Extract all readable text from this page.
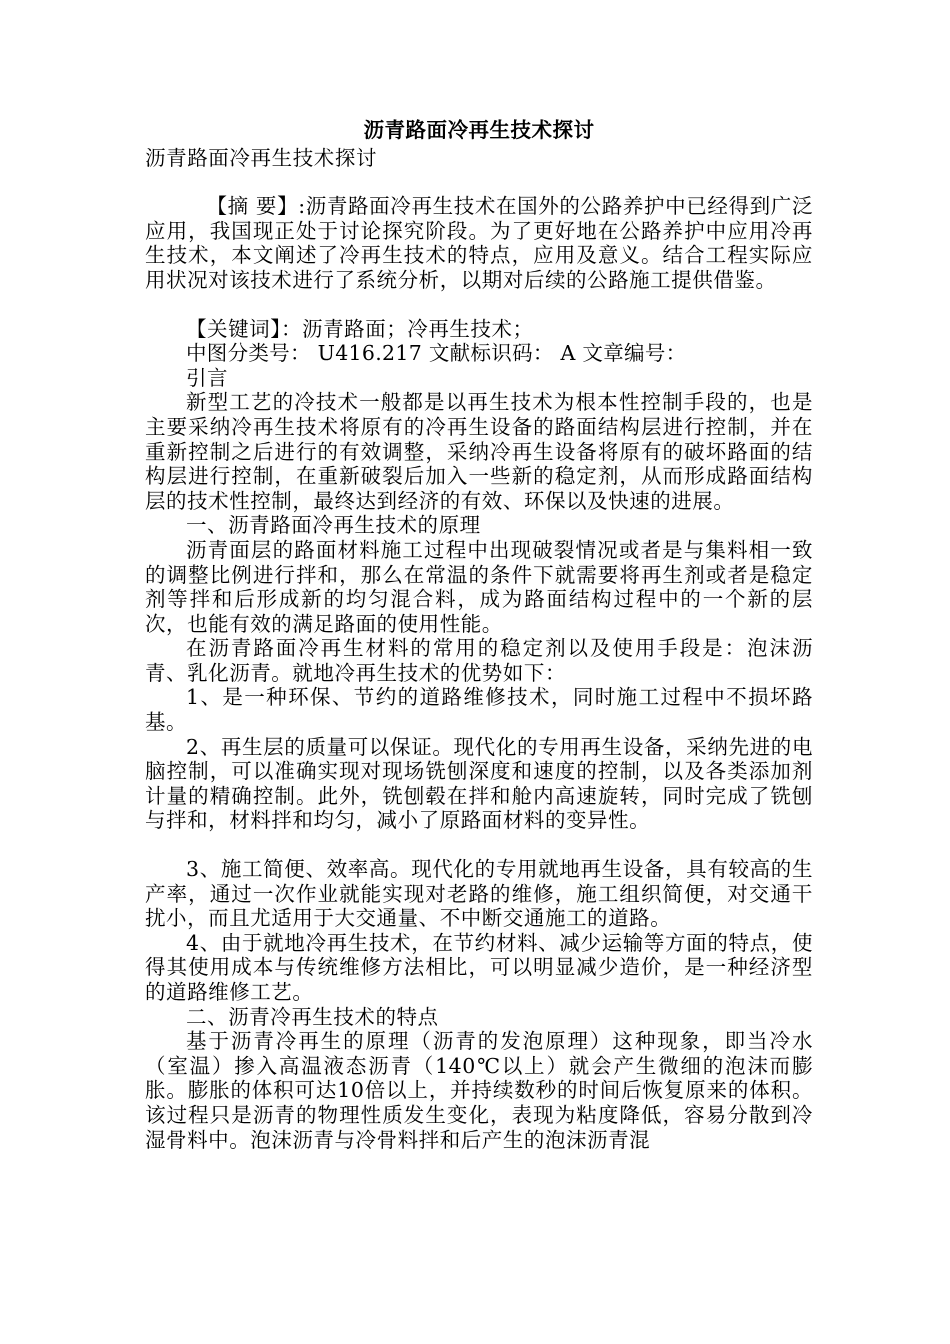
沥青路面冷再生技术探讨
沥青路面冷再生技术探讨

【摘 要】:沥青路面冷再生技术在国外的公路养护中已经得到广泛应用，我国现正处于讨论探究阶段。为了更好地在公路养护中应用冷再生技术，本文阐述了冷再生技术的特点，应用及意义。结合工程实际应用状况对该技术进行了系统分析，以期对后续的公路施工提供借鉴。

【关键词】：沥青路面；冷再生技术；

中图分类号： U416.217 文献标识码： A 文章编号：

引言

新型工艺的冷技术一般都是以再生技术为根本性控制手段的，也是主要采纳冷再生技术将原有的冷再生设备的路面结构层进行控制，并在重新控制之后进行的有效调整，采纳冷再生设备将原有的破坏路面的结构层进行控制，在重新破裂后加入一些新的稳定剂，从而形成路面结构层的技术性控制，最终达到经济的有效、环保以及快速的进展。

一、沥青路面冷再生技术的原理

沥青面层的路面材料施工过程中出现破裂情况或者是与集料相一致的调整比例进行拌和，那么在常温的条件下就需要将再生剂或者是稳定剂等拌和后形成新的均匀混合料，成为路面结构过程中的一个新的层次，也能有效的满足路面的使用性能。

在沥青路面冷再生材料的常用的稳定剂以及使用手段是：泡沫沥青、乳化沥青。就地冷再生技术的优势如下：

1、是一种环保、节约的道路维修技术，同时施工过程中不损坏路基。

2、再生层的质量可以保证。现代化的专用再生设备，采纳先进的电脑控制，可以准确实现对现场铣刨深度和速度的控制，以及各类添加剂计量的精确控制。此外，铣刨毂在拌和舱内高速旋转，同时完成了铣刨与拌和，材料拌和均匀，减小了原路面材料的变异性。

3、施工简便、效率高。现代化的专用就地再生设备，具有较高的生产率，通过一次作业就能实现对老路的维修，施工组织简便，对交通干扰小，而且尤适用于大交通量、不中断交通施工的道路。

4、由于就地冷再生技术，在节约材料、减少运输等方面的特点，使得其使用成本与传统维修方法相比，可以明显减少造价，是一种经济型的道路维修工艺。

二、沥青冷再生技术的特点

基于沥青冷再生的原理（沥青的发泡原理）这种现象，即当冷水（室温）掺入高温液态沥青（140℃以上）就会产生微细的泡沫而膨胀。膨胀的体积可达10倍以上，并持续数秒的时间后恢复原来的体积。该过程只是沥青的物理性质发生变化，表现为粘度降低，容易分散到冷湿骨料中。泡沫沥青与冷骨料拌和后产生的泡沫沥青混
